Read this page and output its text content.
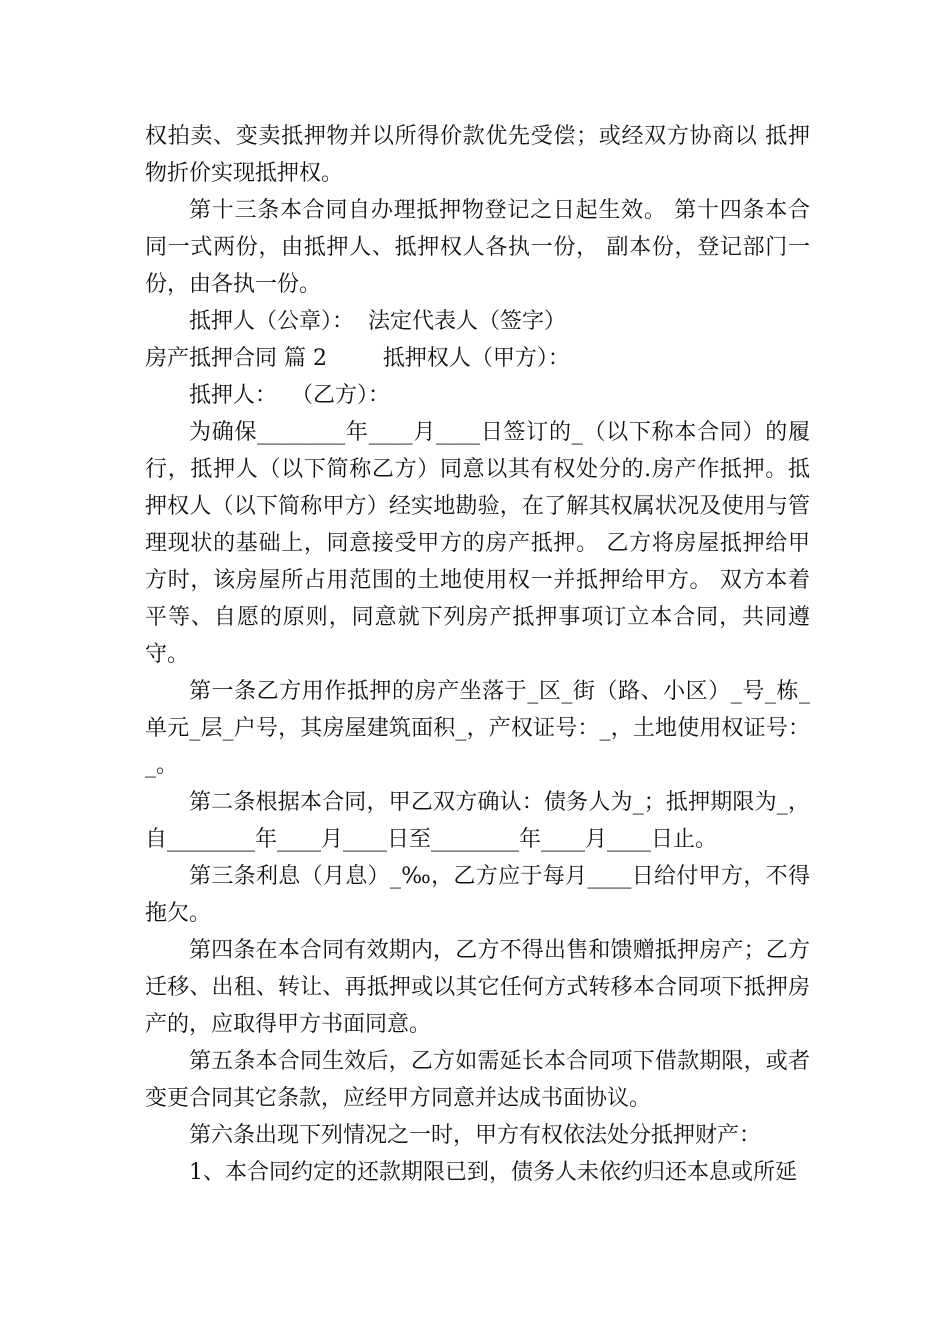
权拍卖、变卖抵押物并以所得价款优先受偿；或经双方协商以 抵押物折价实现抵押权。

第十三条本合同自办理抵押物登记之日起生效。 第十四条本合同一式两份，由抵押人、抵押权人各执一份， 副本份，登记部门一份，由各执一份。

抵押人（公章）：  法定代表人（签字）

房产抵押合同 篇 2        抵押权人（甲方）：

抵押人：  （乙方）：

为确保________年____月____日签订的_（以下称本合同）的履行，抵押人（以下简称乙方）同意以其有权处分的.房产作抵押。抵押权人（以下简称甲方）经实地勘验，在了解其权属状况及使用与管理现状的基础上，同意接受甲方的房产抵押。 乙方将房屋抵押给甲方时，该房屋所占用范围的土地使用权一并抵押给甲方。 双方本着平等、自愿的原则，同意就下列房产抵押事项订立本合同，共同遵守。

第一条乙方用作抵押的房产坐落于_区_街（路、小区）_号_栋_单元_层_户号，其房屋建筑面积_，产权证号：_，土地使用权证号：_。

第二条根据本合同，甲乙双方确认：债务人为_；抵押期限为_，自________年____月____日至________年____月____日止。

第三条利息（月息）_‰，乙方应于每月____日给付甲方，不得拖欠。

第四条在本合同有效期内，乙方不得出售和馈赠抵押房产；乙方迁移、出租、转让、再抵押或以其它任何方式转移本合同项下抵押房产的，应取得甲方书面同意。

第五条本合同生效后，乙方如需延长本合同项下借款期限，或者变更合同其它条款，应经甲方同意并达成书面协议。

第六条出现下列情况之一时，甲方有权依法处分抵押财产：

1、本合同约定的还款期限已到，债务人未依约归还本息或所延
